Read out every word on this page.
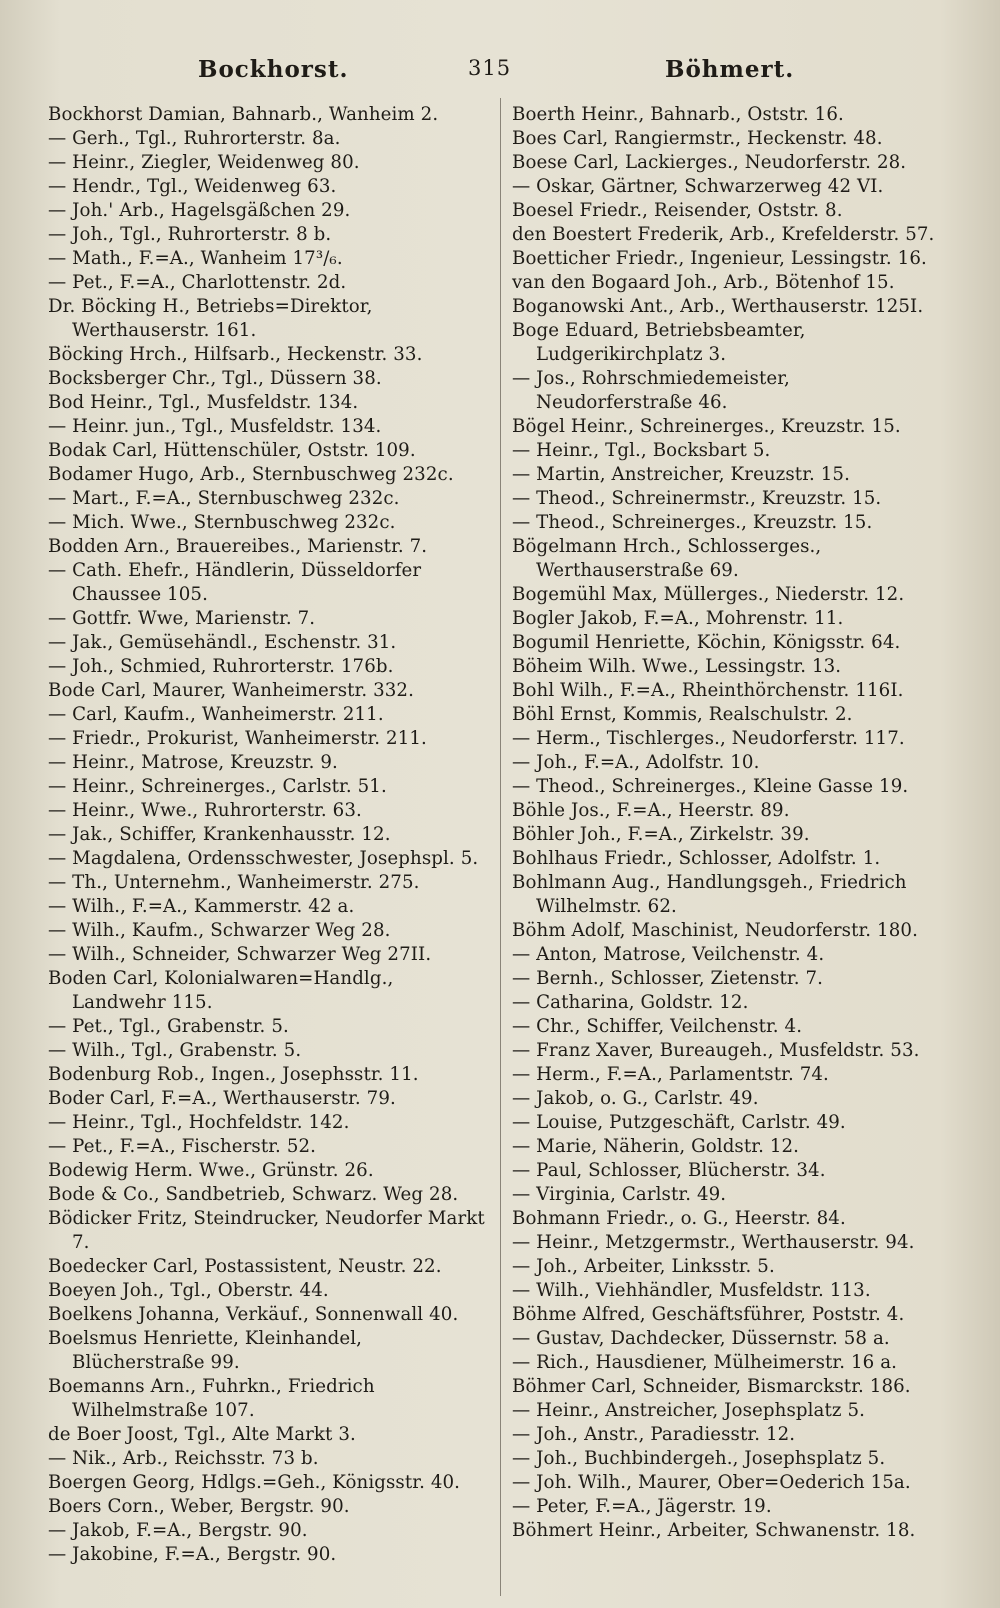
Bockhorst.	315	Böhmert.
Bockhorst Damian, Bahnarb., Wanheim 2.
— Gerh., Tgl., Ruhrorterstr. 8a.
— Heinr., Ziegler, Weidenweg 80.
— Hendr., Tgl., Weidenweg 63.
— Joh.' Arb., Hagelsgäßchen 29.
— Joh., Tgl., Ruhrorterstr. 8 b.
— Math., F.=A., Wanheim 17³/₆.
— Pet., F.=A., Charlottenstr. 2d.
Dr. Böcking H., Betriebs=Direktor, Werthauserstr. 161.
Böcking Hrch., Hilfsarb., Heckenstr. 33.
Bocksberger Chr., Tgl., Düssern 38.
Bod Heinr., Tgl., Musfeldstr. 134.
— Heinr. jun., Tgl., Musfeldstr. 134.
Bodak Carl, Hüttenschüler, Oststr. 109.
Bodamer Hugo, Arb., Sternbuschweg 232c.
— Mart., F.=A., Sternbuschweg 232c.
— Mich. Wwe., Sternbuschweg 232c.
Bodden Arn., Brauereibes., Marienstr. 7.
— Cath. Ehefr., Händlerin, Düsseldorfer Chaussee 105.
— Gottfr. Wwe, Marienstr. 7.
— Jak., Gemüsehändl., Eschenstr. 31.
— Joh., Schmied, Ruhrorterstr. 176b.
Bode Carl, Maurer, Wanheimerstr. 332.
— Carl, Kaufm., Wanheimerstr. 211.
— Friedr., Prokurist, Wanheimerstr. 211.
— Heinr., Matrose, Kreuzstr. 9.
— Heinr., Schreinerges., Carlstr. 51.
— Heinr., Wwe., Ruhrorterstr. 63.
— Jak., Schiffer, Krankenhausstr. 12.
— Magdalena, Ordensschwester, Josephspl. 5.
— Th., Unternehm., Wanheimerstr. 275.
— Wilh., F.=A., Kammerstr. 42 a.
— Wilh., Kaufm., Schwarzer Weg 28.
— Wilh., Schneider, Schwarzer Weg 27II.
Boden Carl, Kolonialwaren=Handlg., Landwehr 115.
— Pet., Tgl., Grabenstr. 5.
— Wilh., Tgl., Grabenstr. 5.
Bodenburg Rob., Ingen., Josephsstr. 11.
Boder Carl, F.=A., Werthauserstr. 79.
— Heinr., Tgl., Hochfeldstr. 142.
— Pet., F.=A., Fischerstr. 52.
Bodewig Herm. Wwe., Grünstr. 26.
Bode & Co., Sandbetrieb, Schwarz. Weg 28.
Bödicker Fritz, Steindrucker, Neudorfer Markt 7.
Boedecker Carl, Postassistent, Neustr. 22.
Boeyen Joh., Tgl., Oberstr. 44.
Boelkens Johanna, Verkäuf., Sonnenwall 40.
Boelsmus Henriette, Kleinhandel, Blücherstraße 99.
Boemanns Arn., Fuhrkn., Friedrich Wilhelmstraße 107.
de Boer Joost, Tgl., Alte Markt 3.
— Nik., Arb., Reichsstr. 73 b.
Boergen Georg, Hdlgs.=Geh., Königsstr. 40.
Boers Corn., Weber, Bergstr. 90.
— Jakob, F.=A., Bergstr. 90.
— Jakobine, F.=A., Bergstr. 90.
Boerth Heinr., Bahnarb., Oststr. 16.
Boes Carl, Rangiermstr., Heckenstr. 48.
Boese Carl, Lackierges., Neudorferstr. 28.
— Oskar, Gärtner, Schwarzerweg 42 VI.
Boesel Friedr., Reisender, Oststr. 8.
den Boestert Frederik, Arb., Krefelderstr. 57.
Boetticher Friedr., Ingenieur, Lessingstr. 16.
van den Bogaard Joh., Arb., Bötenhof 15.
Boganowski Ant., Arb., Werthauserstr. 125I.
Boge Eduard, Betriebsbeamter, Ludgerikirchplatz 3.
— Jos., Rohrschmiedemeister, Neudorferstraße 46.
Bögel Heinr., Schreinerges., Kreuzstr. 15.
— Heinr., Tgl., Bocksbart 5.
— Martin, Anstreicher, Kreuzstr. 15.
— Theod., Schreinermstr., Kreuzstr. 15.
— Theod., Schreinerges., Kreuzstr. 15.
Bögelmann Hrch., Schlosserges., Werthauserstraße 69.
Bogemühl Max, Müllerges., Niederstr. 12.
Bogler Jakob, F.=A., Mohrenstr. 11.
Bogumil Henriette, Köchin, Königsstr. 64.
Böheim Wilh. Wwe., Lessingstr. 13.
Bohl Wilh., F.=A., Rheinthörchenstr. 116I.
Böhl Ernst, Kommis, Realschulstr. 2.
— Herm., Tischlerges., Neudorferstr. 117.
— Joh., F.=A., Adolfstr. 10.
— Theod., Schreinerges., Kleine Gasse 19.
Böhle Jos., F.=A., Heerstr. 89.
Böhler Joh., F.=A., Zirkelstr. 39.
Bohlhaus Friedr., Schlosser, Adolfstr. 1.
Bohlmann Aug., Handlungsgeh., Friedrich Wilhelmstr. 62.
Böhm Adolf, Maschinist, Neudorferstr. 180.
— Anton, Matrose, Veilchenstr. 4.
— Bernh., Schlosser, Zietenstr. 7.
— Catharina, Goldstr. 12.
— Chr., Schiffer, Veilchenstr. 4.
— Franz Xaver, Bureaugeh., Musfeldstr. 53.
— Herm., F.=A., Parlamentstr. 74.
— Jakob, o. G., Carlstr. 49.
— Louise, Putzgeschäft, Carlstr. 49.
— Marie, Näherin, Goldstr. 12.
— Paul, Schlosser, Blücherstr. 34.
— Virginia, Carlstr. 49.
Bohmann Friedr., o. G., Heerstr. 84.
— Heinr., Metzgermstr., Werthauserstr. 94.
— Joh., Arbeiter, Linksstr. 5.
— Wilh., Viehhändler, Musfeldstr. 113.
Böhme Alfred, Geschäftsführer, Poststr. 4.
— Gustav, Dachdecker, Düssernstr. 58 a.
— Rich., Hausdiener, Mülheimerstr. 16 a.
Böhmer Carl, Schneider, Bismarckstr. 186.
— Heinr., Anstreicher, Josephsplatz 5.
— Joh., Anstr., Paradiesstr. 12.
— Joh., Buchbindergeh., Josephsplatz 5.
— Joh. Wilh., Maurer, Ober=Oederich 15a.
— Peter, F.=A., Jägerstr. 19.
Böhmert Heinr., Arbeiter, Schwanenstr. 18.
